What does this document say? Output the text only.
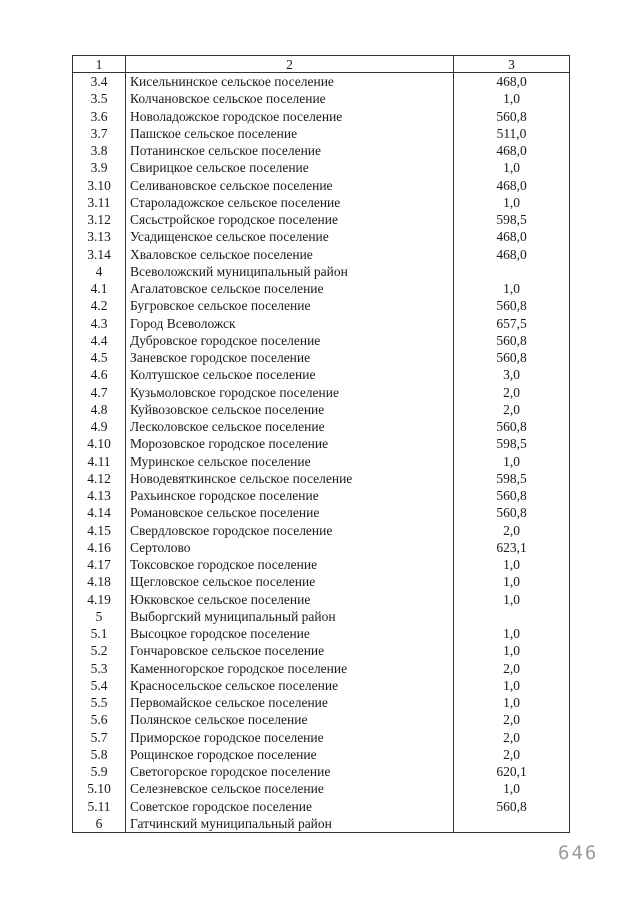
1	2	3
3.4	Кисельнинское сельское поселение	468,0
3.5	Колчановское сельское поселение	1,0
3.6	Новоладожское городское поселение	560,8
3.7	Пашское сельское поселение	511,0
3.8	Потанинское сельское поселение	468,0
3.9	Свирицкое сельское поселение	1,0
3.10	Селивановское сельское поселение	468,0
3.11	Староладожское сельское поселение	1,0
3.12	Сясьстройское городское поселение	598,5
3.13	Усадищенское сельское поселение	468,0
3.14	Хваловское сельское поселение	468,0
4	Всеволожский муниципальный район	
4.1	Агалатовское сельское поселение	1,0
4.2	Бугровское сельское поселение	560,8
4.3	Город Всеволожск	657,5
4.4	Дубровское городское поселение	560,8
4.5	Заневское городское поселение	560,8
4.6	Колтушское сельское поселение	3,0
4.7	Кузьмоловское городское поселение	2,0
4.8	Куйвозовское сельское поселение	2,0
4.9	Лесколовское сельское поселение	560,8
4.10	Морозовское городское поселение	598,5
4.11	Муринское сельское поселение	1,0
4.12	Новодевяткинское сельское поселение	598,5
4.13	Рахьинское городское поселение	560,8
4.14	Романовское сельское поселение	560,8
4.15	Свердловское городское поселение	2,0
4.16	Сертолово	623,1
4.17	Токсовское городское поселение	1,0
4.18	Щегловское сельское поселение	1,0
4.19	Юкковское сельское поселение	1,0
5	Выборгский муниципальный район	
5.1	Высоцкое городское поселение	1,0
5.2	Гончаровское сельское поселение	1,0
5.3	Каменногорское городское поселение	2,0
5.4	Красносельское сельское поселение	1,0
5.5	Первомайское сельское поселение	1,0
5.6	Полянское сельское поселение	2,0
5.7	Приморское городское поселение	2,0
5.8	Рощинское городское поселение	2,0
5.9	Светогорское городское поселение	620,1
5.10	Селезневское сельское поселение	1,0
5.11	Советское городское поселение	560,8
6	Гатчинский муниципальный район	
646
